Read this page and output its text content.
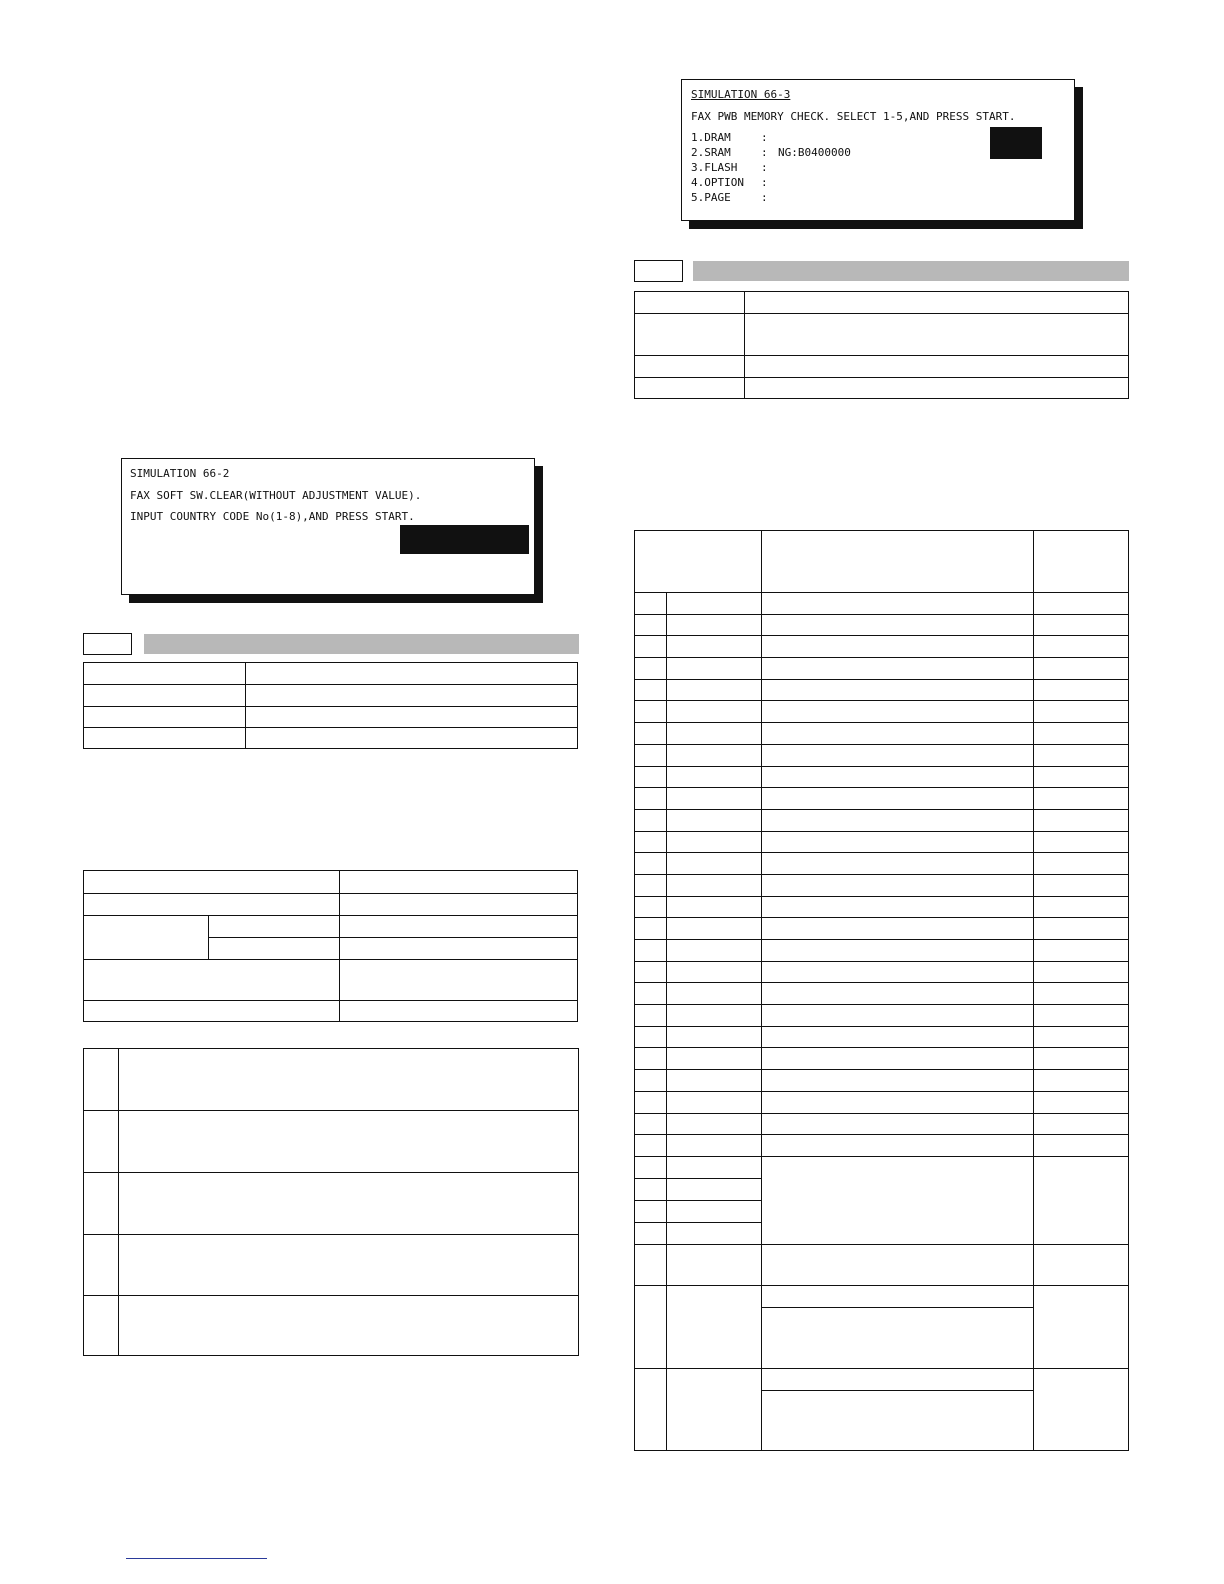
SIMULATION 66-3
FAX PWB MEMORY CHECK. SELECT 1-5,AND PRESS START.
1.DRAM	:
2.SRAM	: NG:B0400000
3.FLASH :
4.OPTION :
5.PAGE	:

SIMULATION 66-2
FAX SOFT SW.CLEAR(WITHOUT ADJUSTMENT VALUE).
INPUT COUNTRY CODE No(1-8),AND PRESS START.
